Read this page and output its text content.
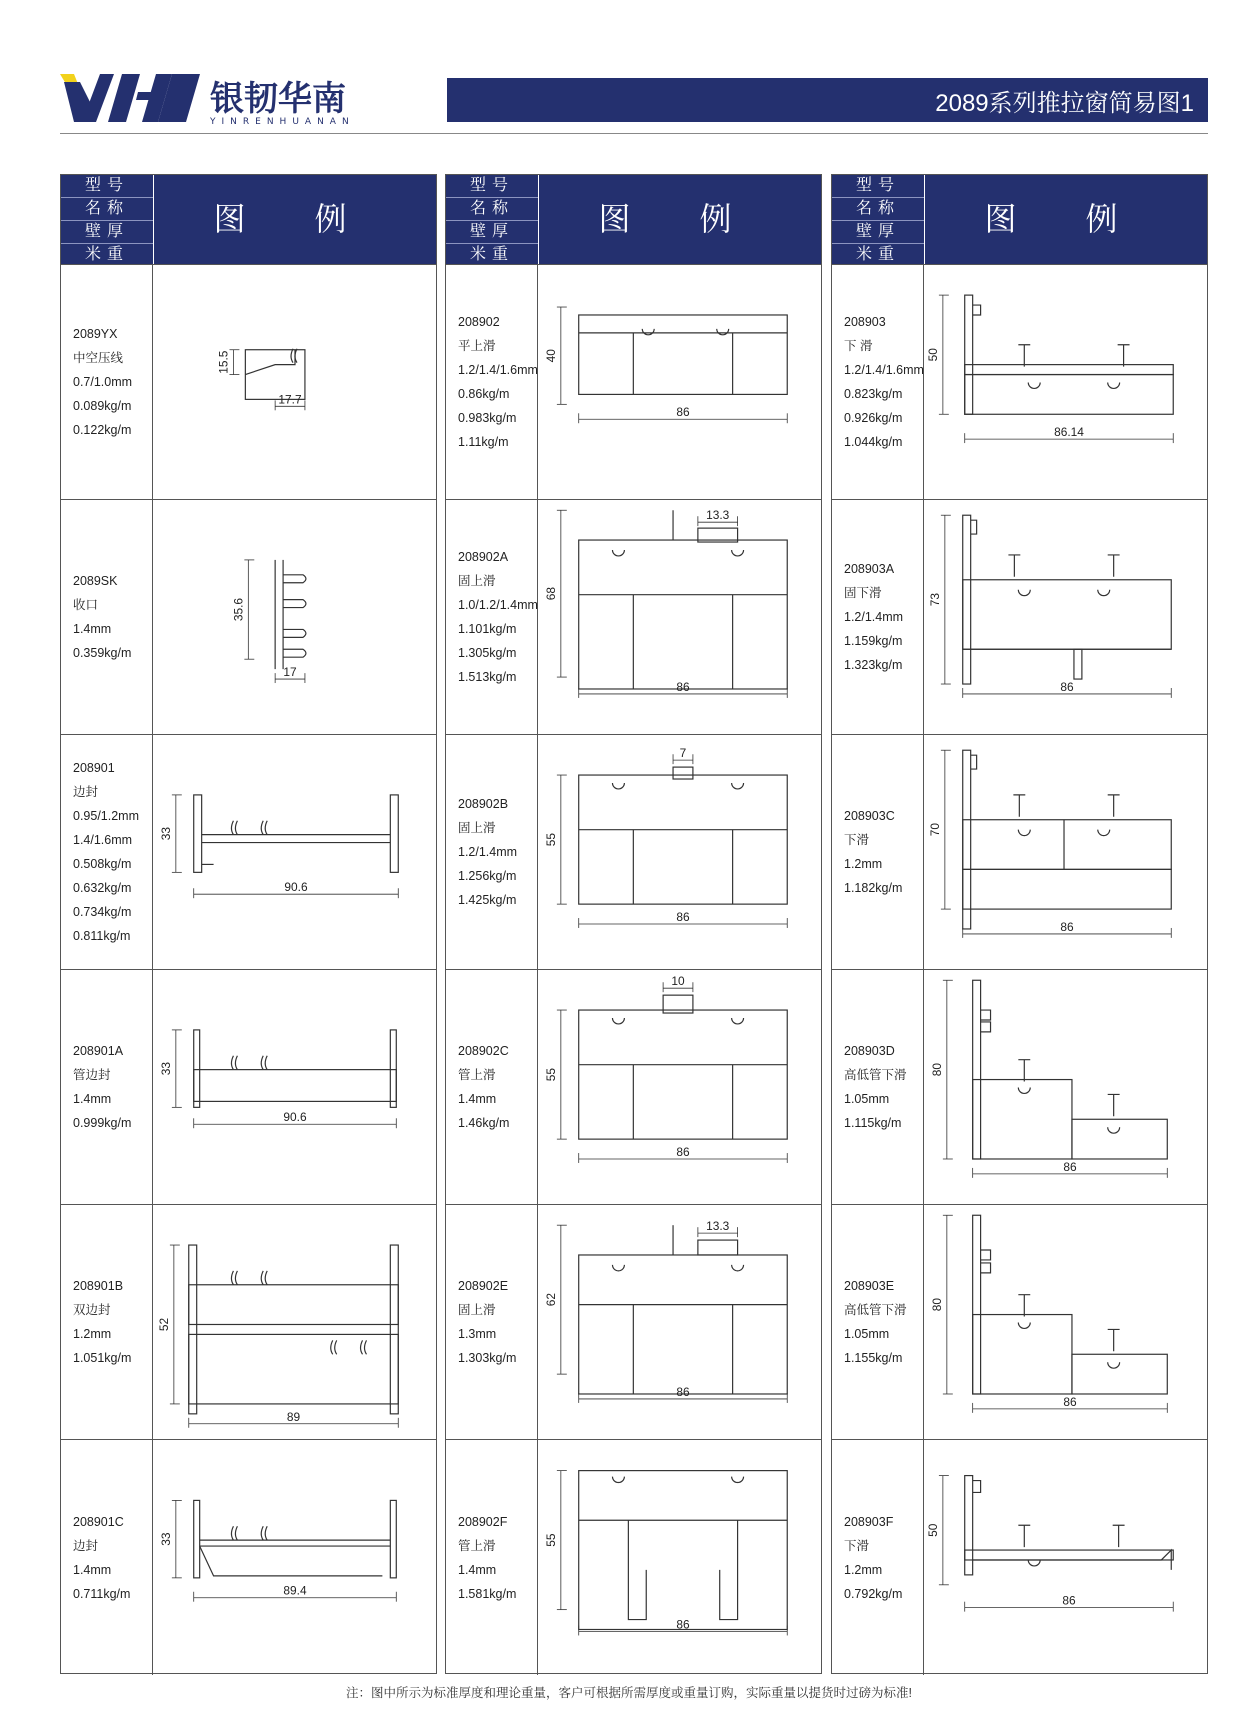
银韧华南
YINRENHUANAN
2089系列推拉窗简易图1
型号
名称
壁厚
米重
图 例
2089YX
中空压线
0.7/1.0mm
0.089kg/m
0.122kg/m
15.5
17.7
2089SK
收口
1.4mm
0.359kg/m
35.6
17
208901
边封
0.95/1.2mm
1.4/1.6mm
0.508kg/m
0.632kg/m
0.734kg/m
0.811kg/m
33
90.6
208901A
管边封
1.4mm
0.999kg/m
33
90.6
208901B
双边封
1.2mm
1.051kg/m
52
89
208901C
边封
1.4mm
0.711kg/m
33
89.4
型号
名称
壁厚
米重
图 例
208902
平上滑
1.2/1.4/1.6mm
0.86kg/m
0.983kg/m
1.11kg/m
40
86
208902A
固上滑
1.0/1.2/1.4mm
1.101kg/m
1.305kg/m
1.513kg/m
68
86
13.3
208902B
固上滑
1.2/1.4mm
1.256kg/m
1.425kg/m
55
86
7
208902C
管上滑
1.4mm
1.46kg/m
55
86
10
208902E
固上滑
1.3mm
1.303kg/m
62
86
13.3
208902F
管上滑
1.4mm
1.581kg/m
55
86
型号
名称
壁厚
米重
图 例
208903
下 滑
1.2/1.4/1.6mm
0.823kg/m
0.926kg/m
1.044kg/m
50
86.14
208903A
固下滑
1.2/1.4mm
1.159kg/m
1.323kg/m
73
86
208903C
下滑
1.2mm
1.182kg/m
70
86
208903D
高低管下滑
1.05mm
1.115kg/m
80
86
208903E
高低管下滑
1.05mm
1.155kg/m
80
86
208903F
下滑
1.2mm
0.792kg/m
50
86
注：图中所示为标准厚度和理论重量，客户可根据所需厚度或重量订购，实际重量以提货时过磅为标准!
